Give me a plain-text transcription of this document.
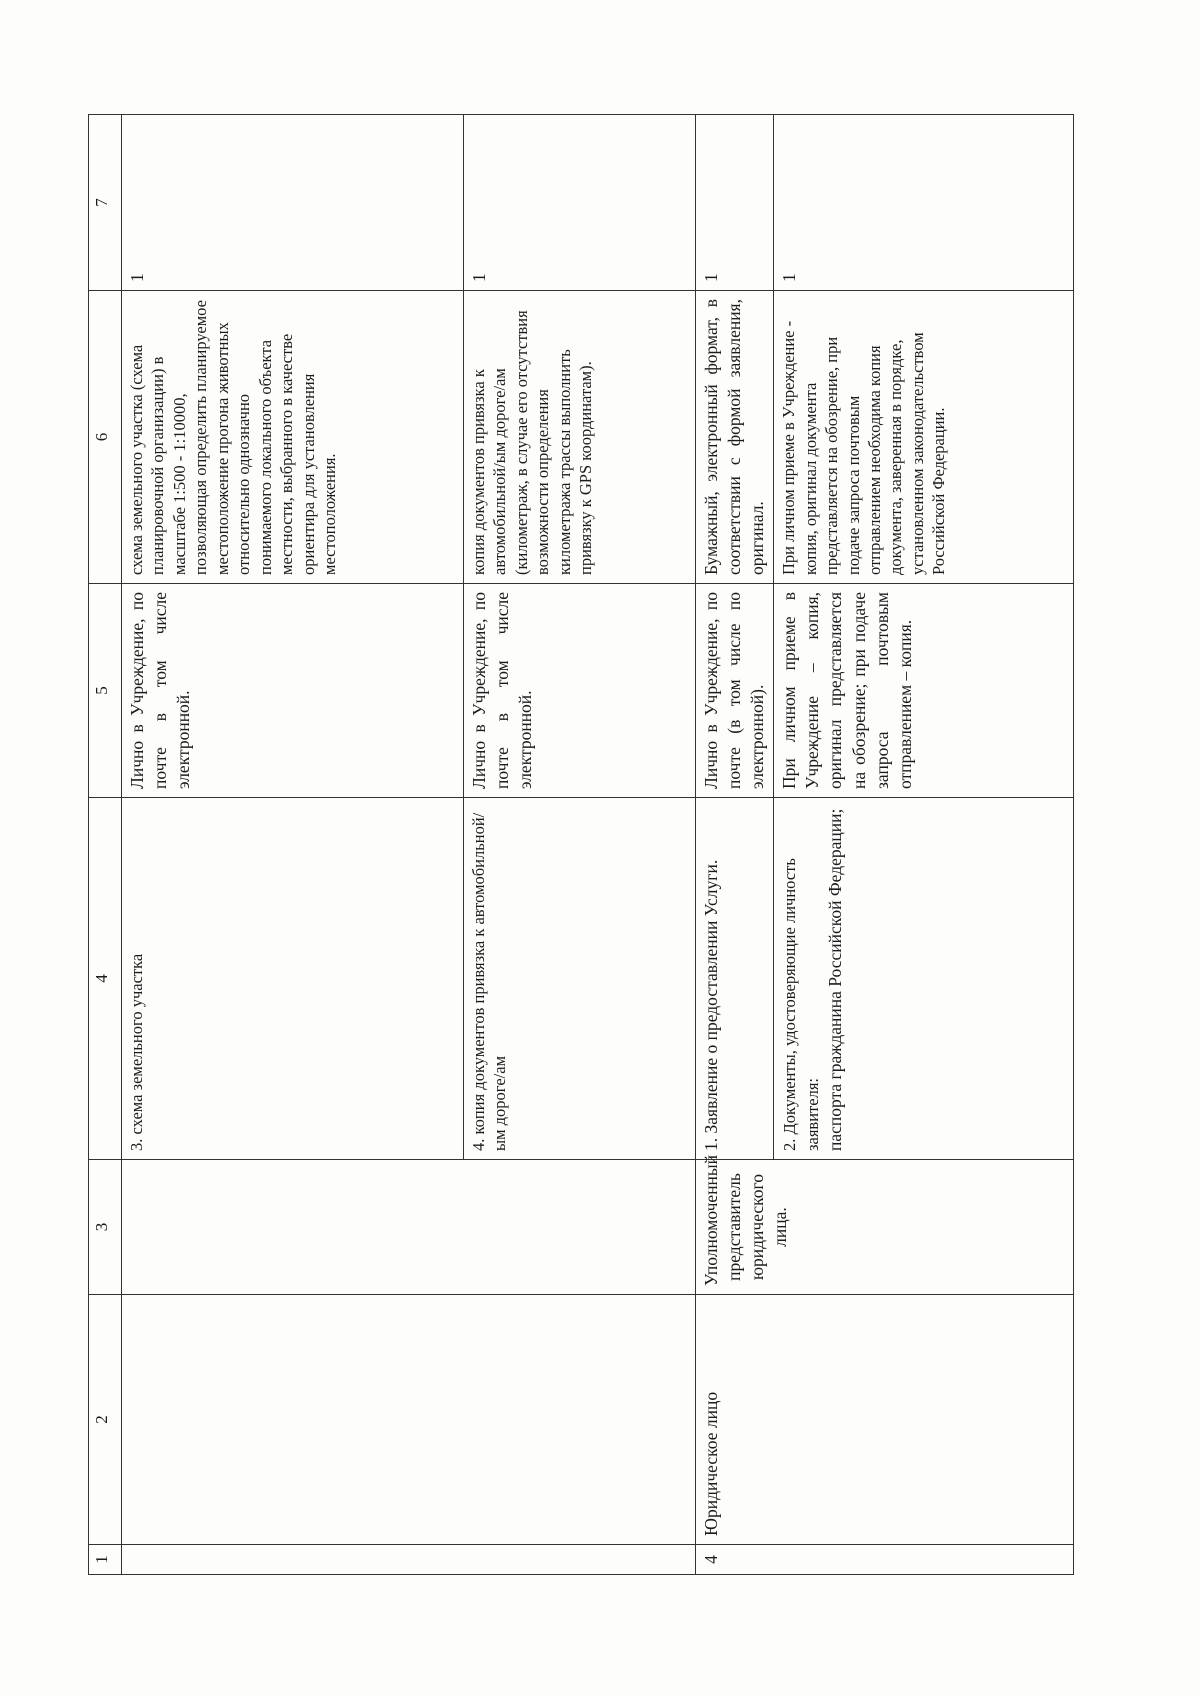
1	2	3	4	5	6	7
			3. схема земельного участка	Лично в Учреждение, по почте в том числе электронной.	схема земельного участка (схема планировочной организации) в масштабе 1:500 - 1:10000, позволяющая определить планируемое местоположение прогона животных относительно однозначно понимаемого локального объекта местности, выбранного в качестве ориентира для установления местоположения.	1
			4. копия документов привязка к автомобильной/ым дороге/ам	Лично в Учреждение, по почте в том числе электронной.	копия документов привязка к автомобильной/ым дороге/ам (километраж, в случае его отсутствия возможности определения километража трассы выполнить привязку к GPS координатам).	1
4	Юридическое лицо	Уполномоченный представитель юридического лица.	1. Заявление о предоставлении Услуги.	Лично в Учреждение, по почте (в том числе по электронной).	Бумажный, электронный формат, в соответствии с формой заявления, оригинал.	1
			2. Документы, удостоверяющие личность заявителя: паспорта гражданина Российской Федерации;	При личном приеме в Учреждение – копия, оригинал представляется на обозрение; при подаче запроса почтовым отправлением – копия.	При личном приеме в Учреждение - копия, оригинал документа представляется на обозрение, при подаче запроса почтовым отправлением необходима копия документа, заверенная в порядке, установленном законодательством Российской Федерации.	1
